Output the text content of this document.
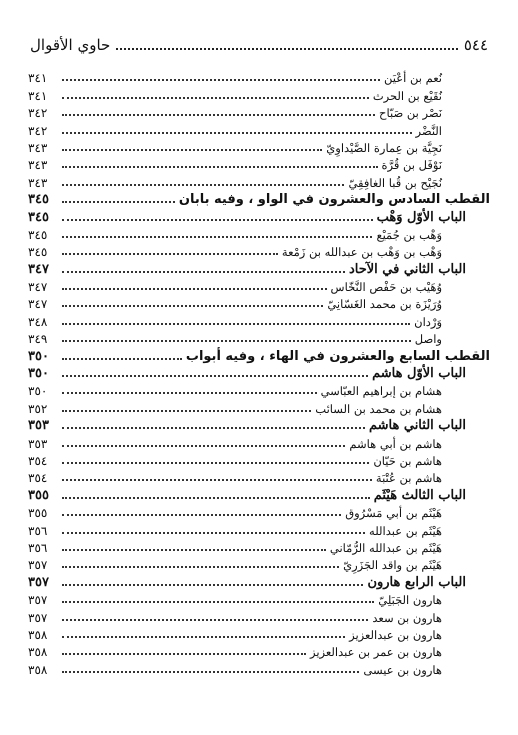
٥٤٤
حاوي الأقوال
نُعم بن أعْيَن
٣٤١
نُقَيْع بن الحرث
٣٤١
نَصْر بن صَبّاح
٣٤٢
النَّضْر
٣٤٢
نَجِيَّة بن عِمارة الصَّيْداوِيّ
٣٤٣
نَوْفَل بن قُرَّة
٣٤٣
نُجَيْح بن قُبا الغافِقِيّ
٣٤٣
القطب السادس والعشرون في الواو ، وفيه بابان
٣٤٥
الباب الأوّل وَهْب
٣٤٥
وَهْب بن جُمَيْع
٣٤٥
وَهْب بن وَهْب بن عبدالله بن زَمْعة
٣٤٥
الباب الثاني في الآحاد
٣٤٧
وُهَيْب بن حَفْص النَّخّاس
٣٤٧
وُرَيْزَة بن محمد الغَسّانِيّ
٣٤٧
وَرْدان
٣٤٨
واصل
٣٤٩
القطب السابع والعشرون في الهاء ، وفيه أبواب
٣٥٠
الباب الأوّل هاشم
٣٥٠
هشام بن إبراهيم العبّاسي
٣٥٠
هشام بن محمد بن السائب
٣٥٢
الباب الثاني هاشم
٣٥٣
هاشم بن أبي هاشم
٣٥٣
هاشم بن حَيّان
٣٥٤
هاشم بن عُتْبَة
٣٥٤
الباب الثالث هَيْثَم
٣٥٥
هَيْثَم بن أبي مَسْرُوق
٣٥٥
هَيْثَم بن عبدالله
٣٥٦
هَيْثَم بن عبدالله الرُّمّاني
٣٥٦
هَيْثَم بن واقد الجَزَرِيّ
٣٥٧
الباب الرابع هارون
٣٥٧
هارون الجَبَلِيّ
٣٥٧
هارون بن سعد
٣٥٧
هارون بن عبدالعزيز
٣٥٨
هارون بن عمر بن عبدالعزيز
٣٥٨
هارون بن عيسى
٣٥٨
